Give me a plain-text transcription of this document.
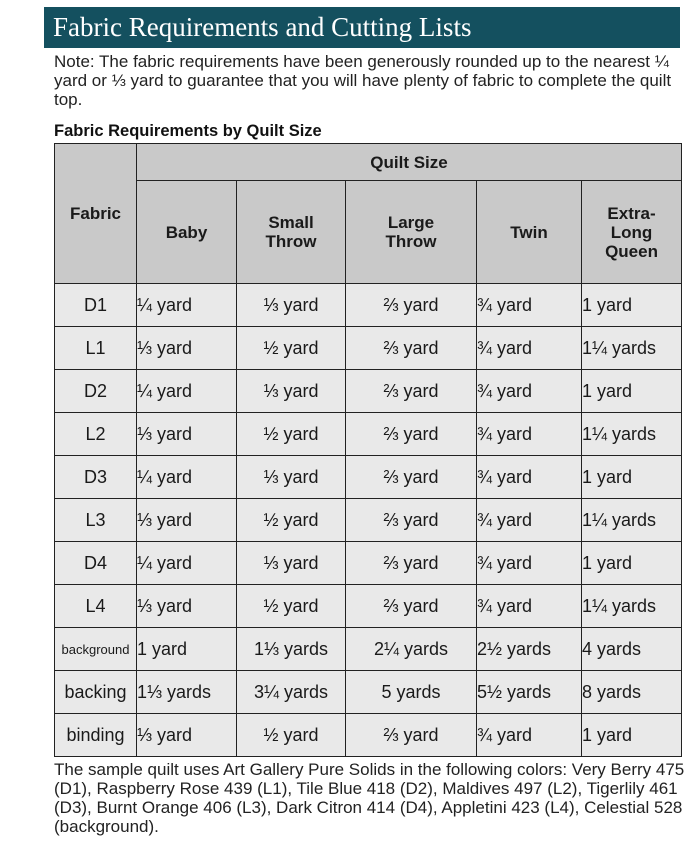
Fabric Requirements and Cutting Lists
Note: The fabric requirements have been generously rounded up to the nearest ¼ yard or ⅓ yard to guarantee that you will have plenty of fabric to complete the quilt top.
Fabric Requirements by Quilt Size
Fabric	Quilt Size				
	Baby	Small Throw	Large Throw	Twin	Extra-Long Queen
D1	¼ yard	⅓ yard	⅔ yard	¾ yard	1 yard
L1	⅓ yard	½ yard	⅔ yard	¾ yard	1¼ yards
D2	¼ yard	⅓ yard	⅔ yard	¾ yard	1 yard
L2	⅓ yard	½ yard	⅔ yard	¾ yard	1¼ yards
D3	¼ yard	⅓ yard	⅔ yard	¾ yard	1 yard
L3	⅓ yard	½ yard	⅔ yard	¾ yard	1¼ yards
D4	¼ yard	⅓ yard	⅔ yard	¾ yard	1 yard
L4	⅓ yard	½ yard	⅔ yard	¾ yard	1¼ yards
background	1 yard	1⅓ yards	2¼ yards	2½ yards	4 yards
backing	1⅓ yards	3¼ yards	5 yards	5½ yards	8 yards
binding	⅓ yard	½ yard	⅔ yard	¾ yard	1 yard
The sample quilt uses Art Gallery Pure Solids in the following colors: Very Berry 475 (D1), Raspberry Rose 439 (L1), Tile Blue 418 (D2), Maldives 497 (L2), Tigerlily 461 (D3), Burnt Orange 406 (L3), Dark Citron 414 (D4), Appletini 423 (L4), Celestial 528 (background).
